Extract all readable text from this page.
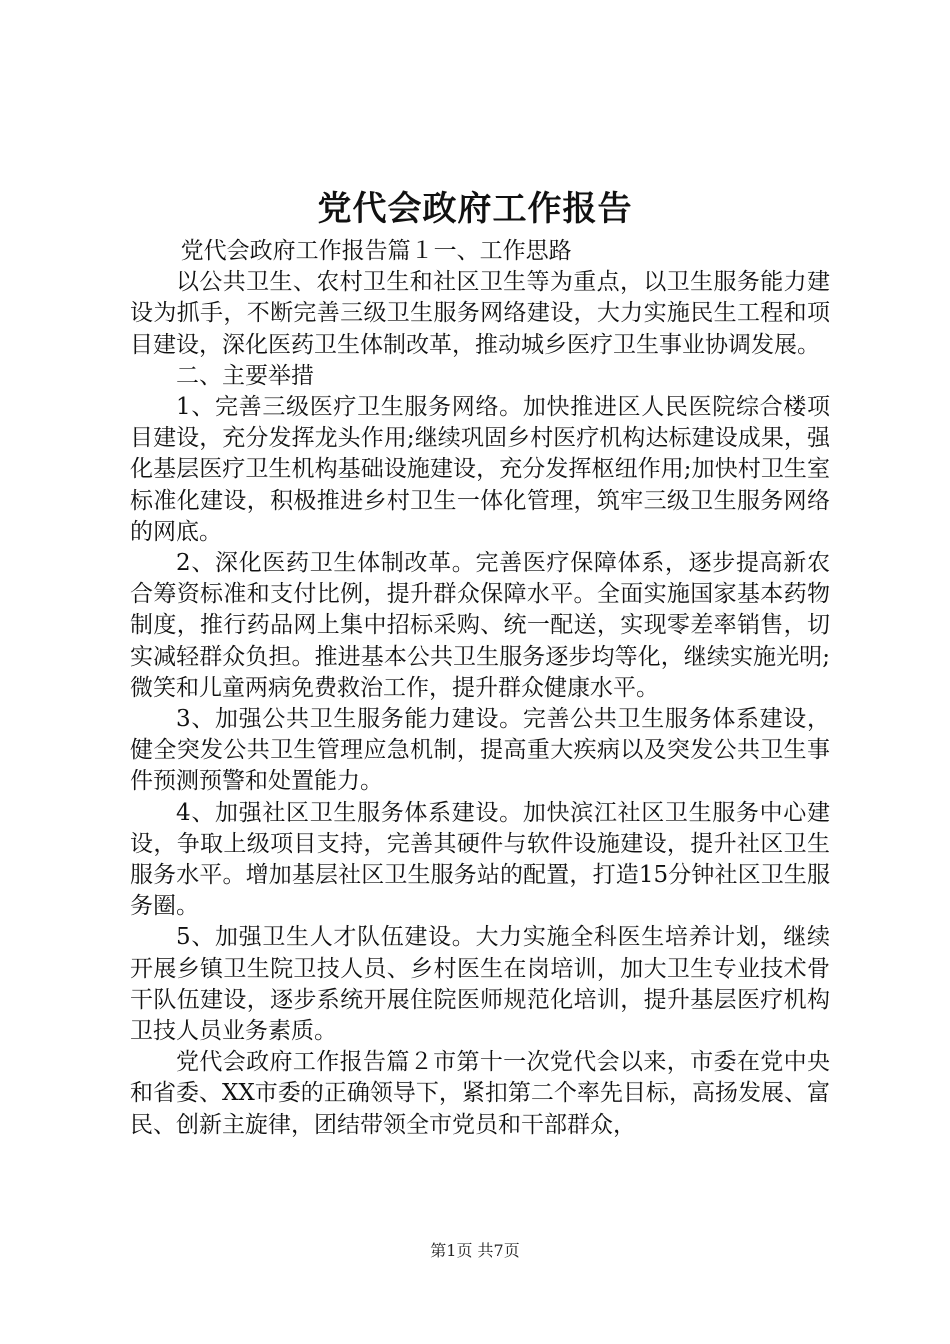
党代会政府工作报告

党代会政府工作报告篇１一、工作思路

以公共卫生、农村卫生和社区卫生等为重点，以卫生服务能力建设为抓手，不断完善三级卫生服务网络建设，大力实施民生工程和项目建设，深化医药卫生体制改革，推动城乡医疗卫生事业协调发展。

二、主要举措

1、完善三级医疗卫生服务网络。加快推进区人民医院综合楼项目建设，充分发挥龙头作用;继续巩固乡村医疗机构达标建设成果，强化基层医疗卫生机构基础设施建设，充分发挥枢纽作用;加快村卫生室标准化建设，积极推进乡村卫生一体化管理，筑牢三级卫生服务网络的网底。

2、深化医药卫生体制改革。完善医疗保障体系，逐步提高新农合筹资标准和支付比例，提升群众保障水平。全面实施国家基本药物制度，推行药品网上集中招标采购、统一配送，实现零差率销售，切实减轻群众负担。推进基本公共卫生服务逐步均等化，继续实施光明;微笑和儿童两病免费救治工作，提升群众健康水平。

3、加强公共卫生服务能力建设。完善公共卫生服务体系建设，健全突发公共卫生管理应急机制，提高重大疾病以及突发公共卫生事件预测预警和处置能力。

4、加强社区卫生服务体系建设。加快滨江社区卫生服务中心建设，争取上级项目支持，完善其硬件与软件设施建设，提升社区卫生服务水平。增加基层社区卫生服务站的配置，打造15分钟社区卫生服务圈。

5、加强卫生人才队伍建设。大力实施全科医生培养计划，继续开展乡镇卫生院卫技人员、乡村医生在岗培训，加大卫生专业技术骨干队伍建设，逐步系统开展住院医师规范化培训，提升基层医疗机构卫技人员业务素质。

党代会政府工作报告篇２市第十一次党代会以来，市委在党中央和省委、XX市委的正确领导下，紧扣第二个率先目标，高扬发展、富民、创新主旋律，团结带领全市党员和干部群众，

第1页 共7页
